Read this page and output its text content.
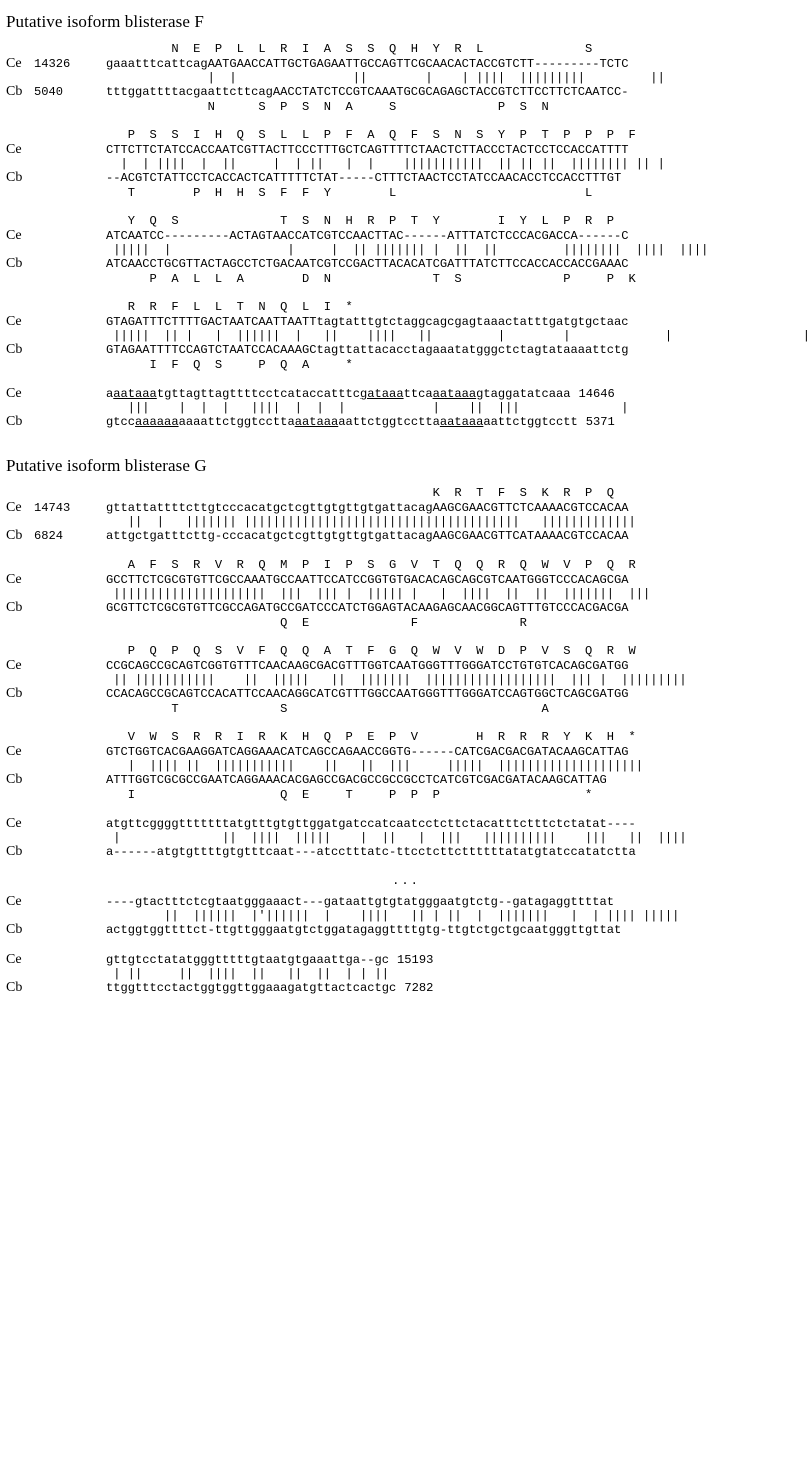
Putative isoform blisterase F
N  E  P  L  L  R  I  A  S  S  Q  H  Y  R  L              S
Ce	14326	gaaatttcattcagAATGAACCATTGCTGAGAATTGCCAGTTCGCAACACTACCGTCTT---------TCTC
|  |                ||        |    | ||||  |||||||||         ||
Cb 5040	tttggattttacgaattcttcagAACCTATCTCCGTCAAATGCGCAGAGCTACCGTCTTCCTTCTCAATCC-
N      S  P  S  N  A     S              P  S  N
P  S  S  I  H  Q  S  L  L  P  F  A  Q  F  S  N  S  Y  P  T  P  P  P  F
Ce	CTTCTTCTATCCACCAATCGTTACTTCCCTTTGCTCAGTTTTCTAACTCTTACCCTACTCCTCCACCATTTT
|  | ||||  |  ||     |  | ||   |  |    |||||||||||  || || ||  |||||||| || |
Cb	--ACGTCTATTCCTCACCACTCATTTTTCTAT-----CTTTCTAACTCCTATCCAACACCTCCACCTTTGT
T        P  H  H  S  F  F  Y        L                          L
Y  Q  S              T  S  N  H  R  P  T  Y        I  Y  L  P  R  P
Ce	ATCAATCC---------ACTAGTAACCATCGTCCAACTTAC------ATTTATCTCCCACGACCA------C
|||||  |                |     |  || ||||||| |  ||  ||         ||||||||  ||||  ||||
Cb	ATCAACCTGCGTTACTAGCCTCTGACAATCGTCCGACTTACACATCGATTTATCTTCCACCACCACCGAAAC
P  A  L  L  A        D  N              T  S              P     P  K
R  R  F  L  L  T  N  Q  L  I  *
Ce	GTAGATTTCTTTTGACTAATCAATTAATTtagtatttgtctaggcagcgagtaaactatttgatgtgctaac
|||||  || |   |  ||||||  |   ||    ||||   ||         |        |             |                  |
Cb	GTAGAATTTTCCAGTCTAATCCACAAAGCtagttattacacctagaaatatgggctctagtataaaattctg
I  F  Q  S     P  Q  A     *
Ce	aaataaatgttagttagttttcctcataccatttcgataaattcaaataaagtaggatatcaaa 14646
|||    |  |  |   ||||  |  |  |            |    ||  |||              |
Cb	gtccaaaaaaaaaattctggtccttaaataaaaattctggtccttaaataaaaattctggtcctt 5371
Putative isoform blisterase G
K  R  T  F  S  K  R  P  Q
Ce	14743	gttattattttcttgtcccacatgctcgttgtgttgtgattacagAAGCGAACGTTCTCAAAACGTCCACAA
||  |   ||||||| ||||||||||||||||||||||||||||||||||||||   |||||||||||||
Cb 6824	attgctgatttcttg-cccacatgctcgttgtgttgtgattacagAAGCGAACGTTCATAAAACGTCCACAA
A  F  S  R  V  R  Q  M  P  I  P  S  G  V  T  Q  Q  R  Q  W  V  P  Q  R
Ce	GCCTTCTCGCGTGTTCGCCAAATGCCAATTCCATCCGGTGTGACACAGCAGCGTCAATGGGTCCCACAGCGA
|||||||||||||||||||||  |||  ||| |  ||||| |   |  ||||  ||  ||  |||||||  |||
Cb	GCGTTCTCGCGTGTTCGCCAGATGCCGATCCCATCTGGAGTACAAGAGCAACGGCAGTTTGTCCCACGACGA
Q  E              F              R
P  Q  P  Q  S  V  F  Q  Q  A  T  F  G  Q  W  V  W  D  P  V  S  Q  R  W
Ce	CCGCAGCCGCAGTCGGTGTTTCAACAAGCGACGTTTGGTCAATGGGTTTGGGATCCTGTGTCACAGCGATGG
|| |||||||||||    ||  |||||   ||  |||||||  ||||||||||||||||||  ||| |  |||||||||
Cb	CCACAGCCGCAGTCCACATTCCAACAGGCATCGTTTGGCCAATGGGTTTGGGATCCAGTGGCTCAGCGATGG
T              S                                   A
V  W  S  R  R  I  R  K  H  Q  P  E  P  V        H  R  R  R  Y  K  H  *
Ce	GTCTGGTCACGAAGGATCAGGAAACATCAGCCAGAACCGGTG------CATCGACGACGATACAAGCATTAG
|  |||| ||  |||||||||||    ||   ||  |||     |||||  ||||||||||||||||||||
Cb	ATTTGGTCGCGCCGAATCAGGAAACACGAGCCGACGCCGCCGCCTCATCGTCGACGATACAAGCATTAG
I                    Q  E     T     P  P  P                    *
Ce	atgttcggggtttttttatgtttgtgttggatgatccatcaatcctcttctacatttctttctctatat----
|              ||  ||||  |||||    |  ||   |  |||   ||||||||||    |||   ||  ||||
Cb	a------atgtgttttgtgtttcaat---atcctttatc-ttcctcttcttttttatatgtatccatatctta
...
Ce	----gtactttctcgtaatgggaaact---gataattgtgtatgggaatgtctg--gatagaggttttat
||  ||||||  |'||||||  |    ||||   || | ||  |  |||||||   |  | |||| |||||
Cb	actggtggttttct-ttgttgggaatgtctggatagaggttttgtg-ttgtctgctgcaatgggttgttat
Ce	gttgtcctatatgggtttttgtaatgtgaaattga--gc 15193
| ||     ||  ||||  ||   ||  ||  | | ||
Cb	ttggtttcctactggtggttggaaagatgttactcactgc 7282
